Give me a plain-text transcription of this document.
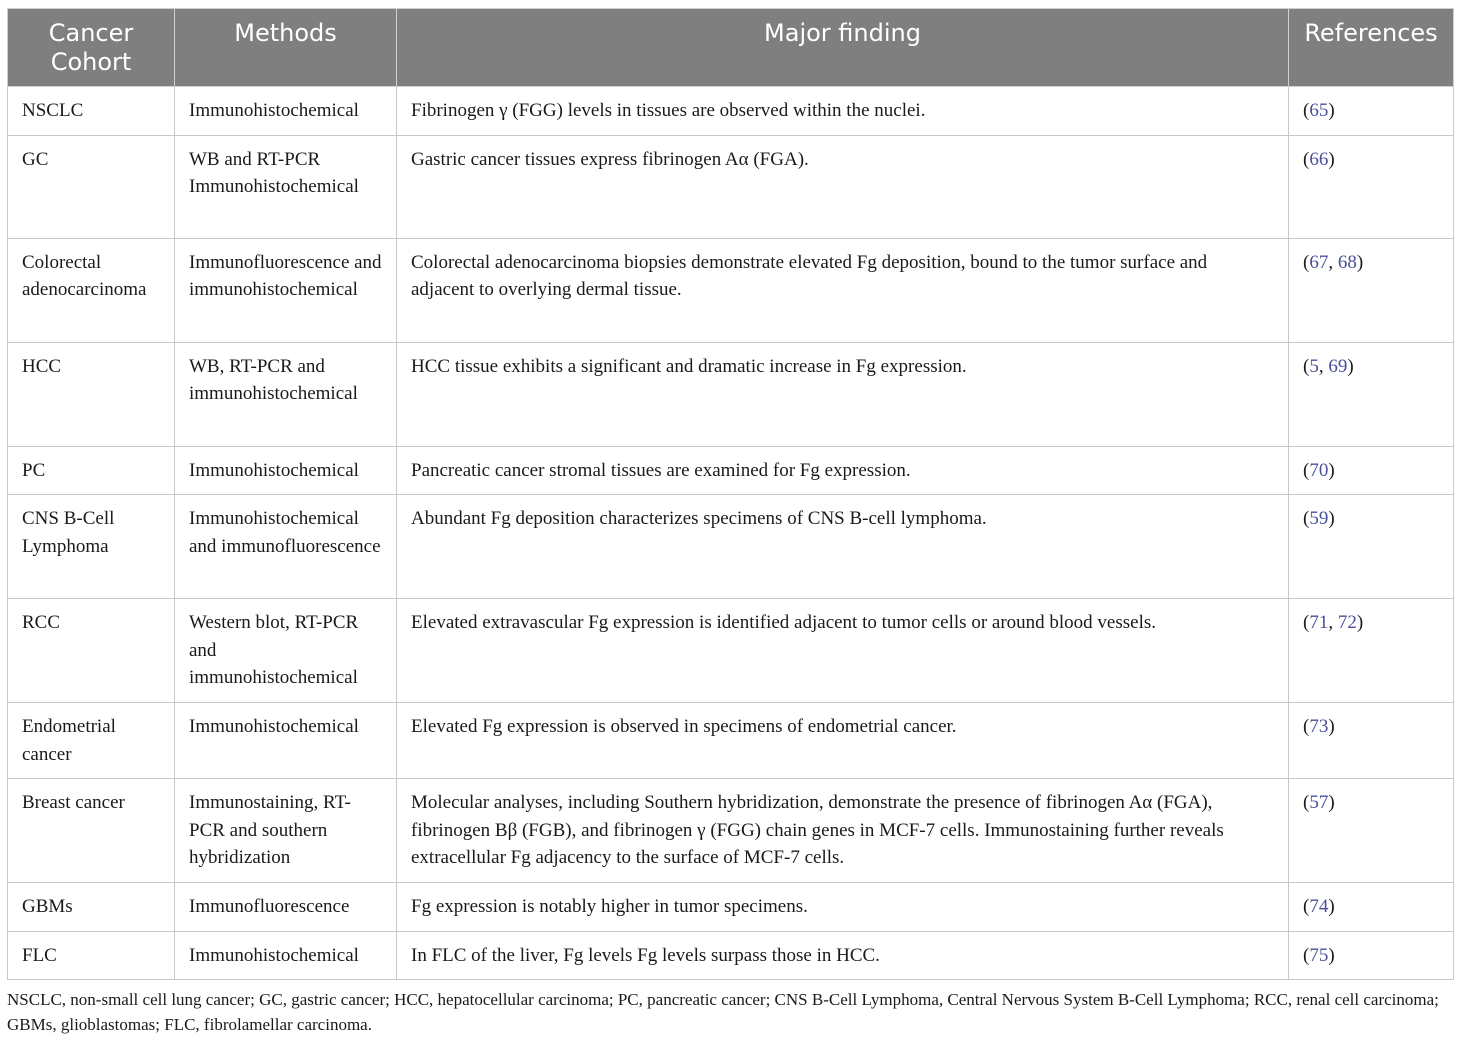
Cancer Cohort	Methods	Major finding	References
NSCLC	Immunohistochemical	Fibrinogen γ (FGG) levels in tissues are observed within the nuclei.	(65)
GC	WB and RT-PCR Immunohistochemical	Gastric cancer tissues express fibrinogen Aα (FGA).	(66)
Colorectal adenocarcinoma	Immunofluorescence and immunohistochemical	Colorectal adenocarcinoma biopsies demonstrate elevated Fg deposition, bound to the tumor surface and adjacent to overlying dermal tissue.	(67, 68)
HCC	WB, RT-PCR and immunohistochemical	HCC tissue exhibits a significant and dramatic increase in Fg expression.	(5, 69)
PC	Immunohistochemical	Pancreatic cancer stromal tissues are examined for Fg expression.	(70)
CNS B-Cell Lymphoma	Immunohistochemical and immunofluorescence	Abundant Fg deposition characterizes specimens of CNS B-cell lymphoma.	(59)
RCC	Western blot, RT-PCR and immunohistochemical	Elevated extravascular Fg expression is identified adjacent to tumor cells or around blood vessels.	(71, 72)
Endometrial cancer	Immunohistochemical	Elevated Fg expression is observed in specimens of endometrial cancer.	(73)
Breast cancer	Immunostaining, RT-PCR and southern hybridization	Molecular analyses, including Southern hybridization, demonstrate the presence of fibrinogen Aα (FGA), fibrinogen Bβ (FGB), and fibrinogen γ (FGG) chain genes in MCF-7 cells. Immunostaining further reveals extracellular Fg adjacency to the surface of MCF-7 cells.	(57)
GBMs	Immunofluorescence	Fg expression is notably higher in tumor specimens.	(74)
FLC	Immunohistochemical	In FLC of the liver, Fg levels Fg levels surpass those in HCC.	(75)
NSCLC, non-small cell lung cancer; GC, gastric cancer; HCC, hepatocellular carcinoma; PC, pancreatic cancer; CNS B-Cell Lymphoma, Central Nervous System B-Cell Lymphoma; RCC, renal cell carcinoma; GBMs, glioblastomas; FLC, fibrolamellar carcinoma.
